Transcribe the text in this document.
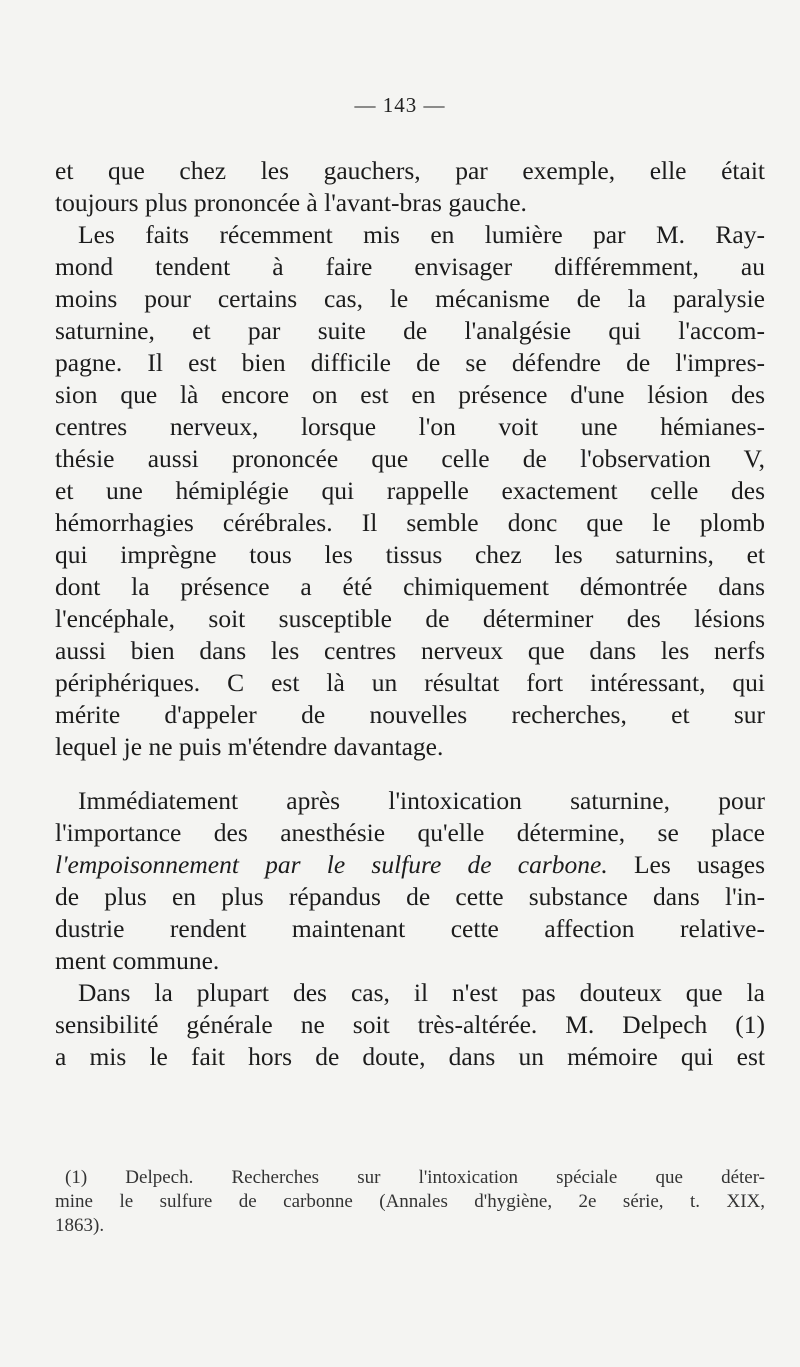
— 143 —
et que chez les gauchers, par exemple, elle était
toujours plus prononcée à l'avant-bras gauche.
Les faits récemment mis en lumière par M. Ray-
mond tendent à faire envisager différemment, au
moins pour certains cas, le mécanisme de la paralysie
saturnine, et par suite de l'analgésie qui l'accom-
pagne. Il est bien difficile de se défendre de l'impres-
sion que là encore on est en présence d'une lésion des
centres nerveux, lorsque l'on voit une hémianes-
thésie aussi prononcée que celle de l'observation V,
et une hémiplégie qui rappelle exactement celle des
hémorrhagies cérébrales. Il semble donc que le plomb
qui imprègne tous les tissus chez les saturnins, et
dont la présence a été chimiquement démontrée dans
l'encéphale, soit susceptible de déterminer des lésions
aussi bien dans les centres nerveux que dans les nerfs
périphériques. C est là un résultat fort intéressant, qui
mérite d'appeler de nouvelles recherches, et sur
lequel je ne puis m'étendre davantage.
Immédiatement après l'intoxication saturnine, pour
l'importance des anesthésie qu'elle détermine, se place
l'empoisonnement par le sulfure de carbone. Les usages
de plus en plus répandus de cette substance dans l'in-
dustrie rendent maintenant cette affection relative-
ment commune.
Dans la plupart des cas, il n'est pas douteux que la
sensibilité générale ne soit très-altérée. M. Delpech (1)
a mis le fait hors de doute, dans un mémoire qui est
(1) Delpech. Recherches sur l'intoxication spéciale que déter-
mine le sulfure de carbonne (Annales d'hygiène, 2e série, t. XIX,
1863).
